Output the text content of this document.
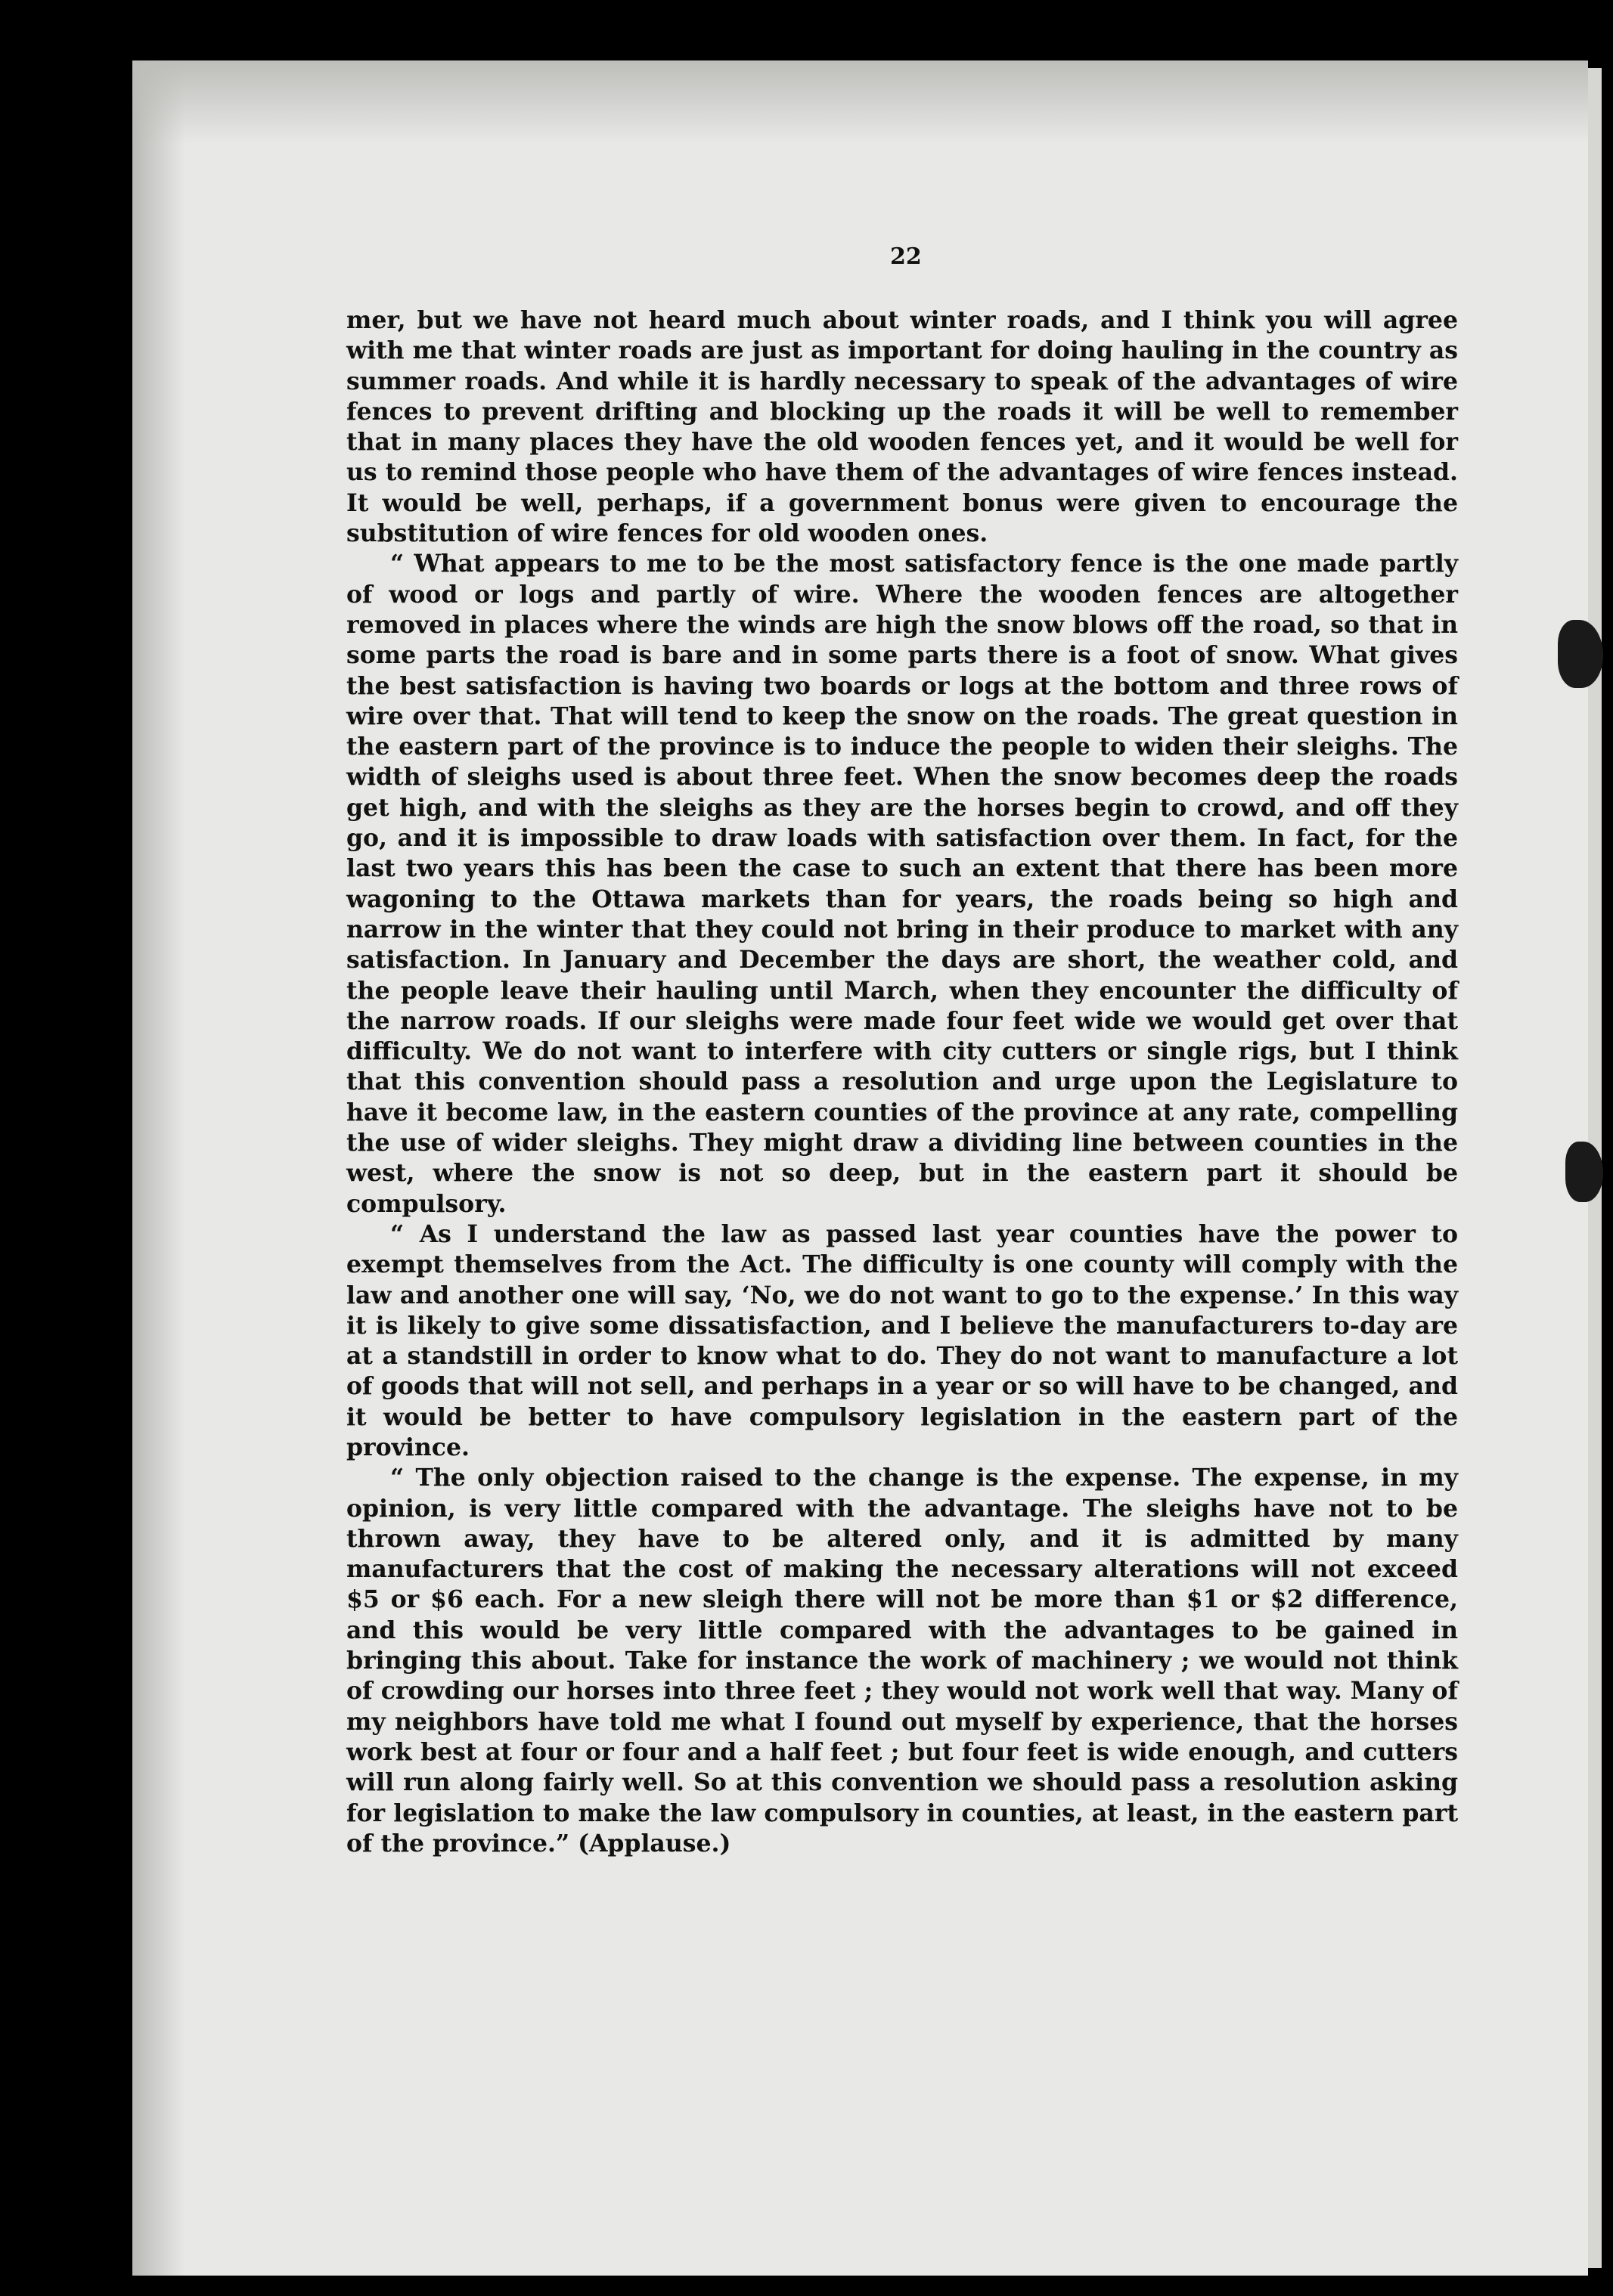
22

mer, but we have not heard much about winter roads, and I think you will agree with me that winter roads are just as important for doing hauling in the country as summer roads. And while it is hardly necessary to speak of the advantages of wire fences to prevent drifting and blocking up the roads it will be well to remember that in many places they have the old wooden fences yet, and it would be well for us to remind those people who have them of the advantages of wire fences instead. It would be well, perhaps, if a government bonus were given to encourage the substitution of wire fences for old wooden ones.

“ What appears to me to be the most satisfactory fence is the one made partly of wood or logs and partly of wire. Where the wooden fences are altogether removed in places where the winds are high the snow blows off the road, so that in some parts the road is bare and in some parts there is a foot of snow. What gives the best satisfaction is having two boards or logs at the bottom and three rows of wire over that. That will tend to keep the snow on the roads. The great question in the eastern part of the province is to induce the people to widen their sleighs. The width of sleighs used is about three feet. When the snow becomes deep the roads get high, and with the sleighs as they are the horses begin to crowd, and off they go, and it is impossible to draw loads with satisfaction over them. In fact, for the last two years this has been the case to such an extent that there has been more wagoning to the Ottawa markets than for years, the roads being so high and narrow in the winter that they could not bring in their produce to market with any satisfaction. In January and December the days are short, the weather cold, and the people leave their hauling until March, when they encounter the difficulty of the narrow roads. If our sleighs were made four feet wide we would get over that difficulty. We do not want to interfere with city cutters or single rigs, but I think that this convention should pass a resolution and urge upon the Legislature to have it become law, in the eastern counties of the province at any rate, compelling the use of wider sleighs. They might draw a dividing line between counties in the west, where the snow is not so deep, but in the eastern part it should be compulsory.

“ As I understand the law as passed last year counties have the power to exempt themselves from the Act. The difficulty is one county will comply with the law and another one will say, ‘No, we do not want to go to the expense.’ In this way it is likely to give some dissatisfaction, and I believe the manufacturers to-day are at a standstill in order to know what to do. They do not want to manufacture a lot of goods that will not sell, and perhaps in a year or so will have to be changed, and it would be better to have compulsory legislation in the eastern part of the province.

“ The only objection raised to the change is the expense. The expense, in my opinion, is very little compared with the advantage. The sleighs have not to be thrown away, they have to be altered only, and it is admitted by many manufacturers that the cost of making the necessary alterations will not exceed $5 or $6 each. For a new sleigh there will not be more than $1 or $2 difference, and this would be very little compared with the advantages to be gained in bringing this about. Take for instance the work of machinery ; we would not think of crowding our horses into three feet ; they would not work well that way. Many of my neighbors have told me what I found out myself by experience, that the horses work best at four or four and a half feet ; but four feet is wide enough, and cutters will run along fairly well. So at this convention we should pass a resolution asking for legislation to make the law compulsory in counties, at least, in the eastern part of the province.” (Applause.)
